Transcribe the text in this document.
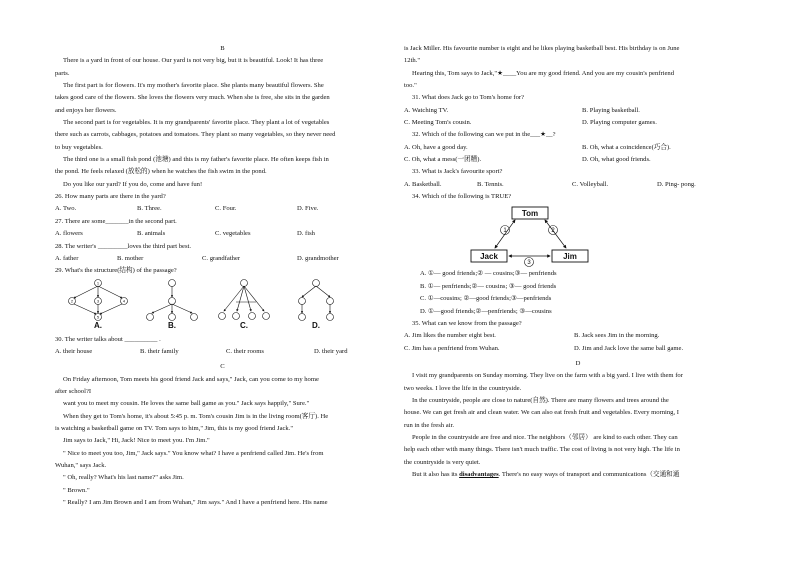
B
There is a yard in front of our house. Our yard is not very big, but it is beautiful. Look! It has three
parts.
The first part is for flowers. It's my mother's favorite place. She plants many beautiful flowers. She
takes good care of the flowers. She loves the flowers very much. When she is free, she sits in the garden
and enjoys her flowers.
The second part is for vegetables. It is my grandparents' favorite place. They plant a lot of vegetables
there such as carrots, cabbages, potatoes and tomatoes. They plant so many vegetables, so they never need
to buy vegetables.
The third one is a small fish pond (池塘) and this is my father's favorite place. He often keeps fish in
the pond. He feels relaxed (放松的) when he watches the fish swim in the pond.
Do you like our yard? If you do, come and have fun!
26. How many parts are there in the yard?
A. Two.	B. Three.	C. Four.	D. Five.
27. There are some_______in the second part.
A. flowers	B. animals	C. vegetables	D. fish
28. The writer's _________loves the third part best.
A. father	B. mother	C. grandfather	D. grandmother
29. What's the structure(结构) of the passage?
1
2	3	4
5
A.	B.	C.	D.
30. The writer talks about __________ .
A. their house	B. their family	C. their rooms	D. their yard
C
On Friday afternoon, Tom meets his good friend Jack and says," Jack, can you come to my home
after school?I
want you to meet my cousin. He loves the same ball game as you." Jack says happily," Sure."
When they get to Tom's home, it's about 5:45 p. m. Tom's cousin Jim is in the living room(客厅). He
is watching a basketball game on TV. Tom says to him," Jim, this is my good friend Jack."
Jim says to Jack," Hi, Jack! Nice to meet you. I'm Jim."
" Nice to meet you too, Jim," Jack says." You know what? I have a penfriend called Jim. He's from
Wuhan," says Jack.
" Oh, really? What's his last name?" asks Jim.
" Brown."
" Really? I am Jim Brown and I am from Wuhan," Jim says." And I have a penfriend here. His name
is Jack Miller. His favourite number is eight and he likes playing basketball best. His birthday is on June
12th."
Hearing this, Tom says to Jack,"★____You are my good friend. And you are my cousin's penfriend
too."
31. What does Jack go to Tom's home for?
A. Watching TV.	B. Playing basketball.
C. Meeting Tom's cousin.	D. Playing computer games.
32. Which of the following can we put in the___★__?
A. Oh, have a good day.	B. Oh, what a coincidence(巧合).
C. Oh, what a mess(一团糟).	D. Oh, what good friends.
33. What is Jack's favourite sport?
A. Basketball.	B. Tennis.	C. Volleyball.	D. Ping- pong.
34. Which of the following is TRUE?
Tom
Jack	Jim
1	2
3
A. ①— good friends;② — cousins;③— penfriends
B. ①— penfriends;②— cousins; ③— good friends
C. ①—cousins; ②—good friends;③—penfriends
D. ①—good friends;②—penfriends; ③—cousins
35. What can we know from the passage?
A. Jim likes the number eight best.	B. Jack sees Jim in the morning.
C. Jim has a penfriend from Wuhan.	D. Jim and Jack love the same ball game.
D
I visit my grandparents on Sunday morning. They live on the farm with a big yard. I live with them for
two weeks. I love the life in the countryside.
In the countryside, people are close to nature(自然). There are many flowers and trees around the
house. We can get fresh air and clean water. We can also eat fresh fruit and vegetables. Every morning, I
run in the fresh air.
People in the countryside are free and nice. The neighbors（邻居） are kind to each other. They can
help each other with many things. There isn't much traffic. The cost of living is not very high. The life in
the countryside is very quiet.
But it also has its disadvantages. There's no easy ways of transport and communications（交通和通
